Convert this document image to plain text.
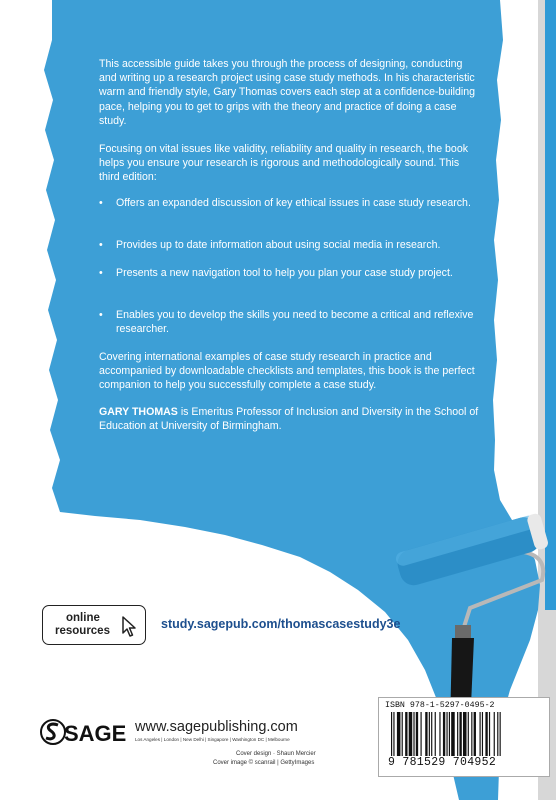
This accessible guide takes you through the process of designing, conducting and writing up a research project using case study methods. In his characteristic warm and friendly style, Gary Thomas covers each step at a confidence-building pace, helping you to get to grips with the theory and practice of doing a case study.

Focusing on vital issues like validity, reliability and quality in research, the book helps you ensure your research is rigorous and methodologically sound. This third edition:

• Offers an expanded discussion of key ethical issues in case study research.
• Provides up to date information about using social media in research.
• Presents a new navigation tool to help you plan your case study project.
• Enables you to develop the skills you need to become a critical and reflexive researcher.

Covering international examples of case study research in practice and accompanied by downloadable checklists and templates, this book is the perfect companion to help you successfully complete a case study.

GARY THOMAS is Emeritus Professor of Inclusion and Diversity in the School of Education at University of Birmingham.

online
resources	study.sagepub.com/thomascasestudy3e
SAGE www.sagepublishing.com
Los Angeles | London | New Delhi | Singapore | Washington DC | Melbourne
Cover design · Shaun Mercier
Cover image © scanrail | GettyImages
ISBN 978-1-5297-0495-2
9 781529 704952
